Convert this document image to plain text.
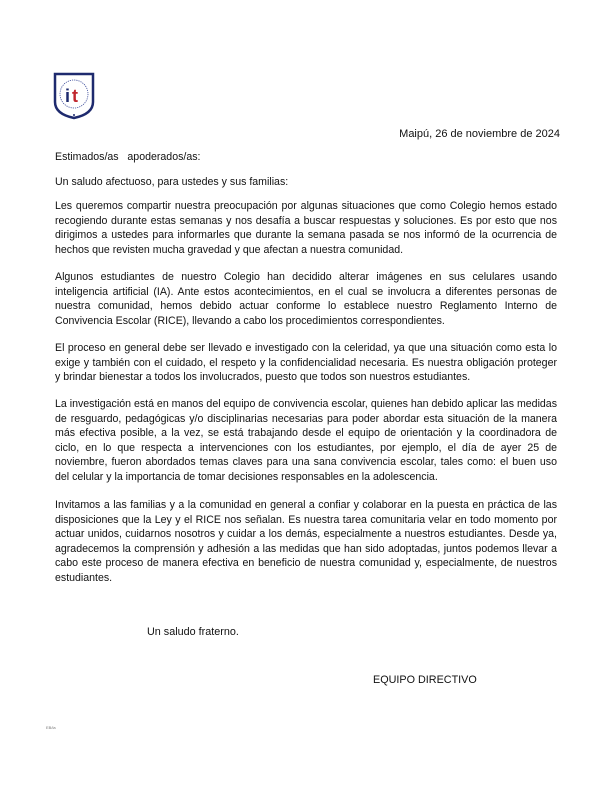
i t
Maipú, 26 de noviembre de 2024
Estimados/as   apoderados/as:
Un saludo afectuoso, para ustedes y sus familias:

Les queremos compartir nuestra preocupación por algunas situaciones que como Colegio hemos estado recogiendo durante estas semanas y nos desafía a buscar respuestas y soluciones. Es por esto que nos dirigimos a ustedes para informarles que durante la semana pasada se nos informó de la ocurrencia de hechos que revisten mucha gravedad y que afectan a nuestra comunidad.

Algunos estudiantes de nuestro Colegio han decidido alterar imágenes en sus celulares usando inteligencia artificial (IA). Ante estos acontecimientos, en el cual se involucra a diferentes personas de nuestra comunidad, hemos debido actuar conforme lo establece nuestro Reglamento Interno de Convivencia Escolar (RICE), llevando a cabo los procedimientos correspondientes.

El proceso en general debe ser llevado e investigado con la celeridad, ya que una situación como esta lo exige y también con el cuidado, el respeto y la confidencialidad necesaria. Es nuestra obligación proteger y brindar bienestar a todos los involucrados, puesto que todos son nuestros estudiantes.

La investigación está en manos del equipo de convivencia escolar, quienes han debido aplicar las medidas de resguardo, pedagógicas y/o disciplinarias necesarias para poder abordar esta situación de la manera más efectiva posible, a la vez, se está trabajando desde el equipo de orientación y la coordinadora de ciclo, en lo que respecta a intervenciones con los estudiantes, por ejemplo, el día de ayer 25 de noviembre, fueron abordados temas claves para una sana convivencia escolar, tales como: el buen uso del celular y la importancia de tomar decisiones responsables en la adolescencia.

Invitamos a las familias y a la comunidad en general a confiar y colaborar en la puesta en práctica de las disposiciones que la Ley y el RICE nos señalan. Es nuestra tarea comunitaria velar en todo momento por actuar unidos, cuidarnos nosotros y cuidar a los demás, especialmente a nuestros estudiantes. Desde ya, agradecemos la comprensión y adhesión a las medidas que han sido adoptadas, juntos podemos llevar a cabo este proceso de manera efectiva en beneficio de nuestra comunidad y, especialmente, de nuestros estudiantes.

Un saludo fraterno.
EQUIPO DIRECTIVO
EB/la
